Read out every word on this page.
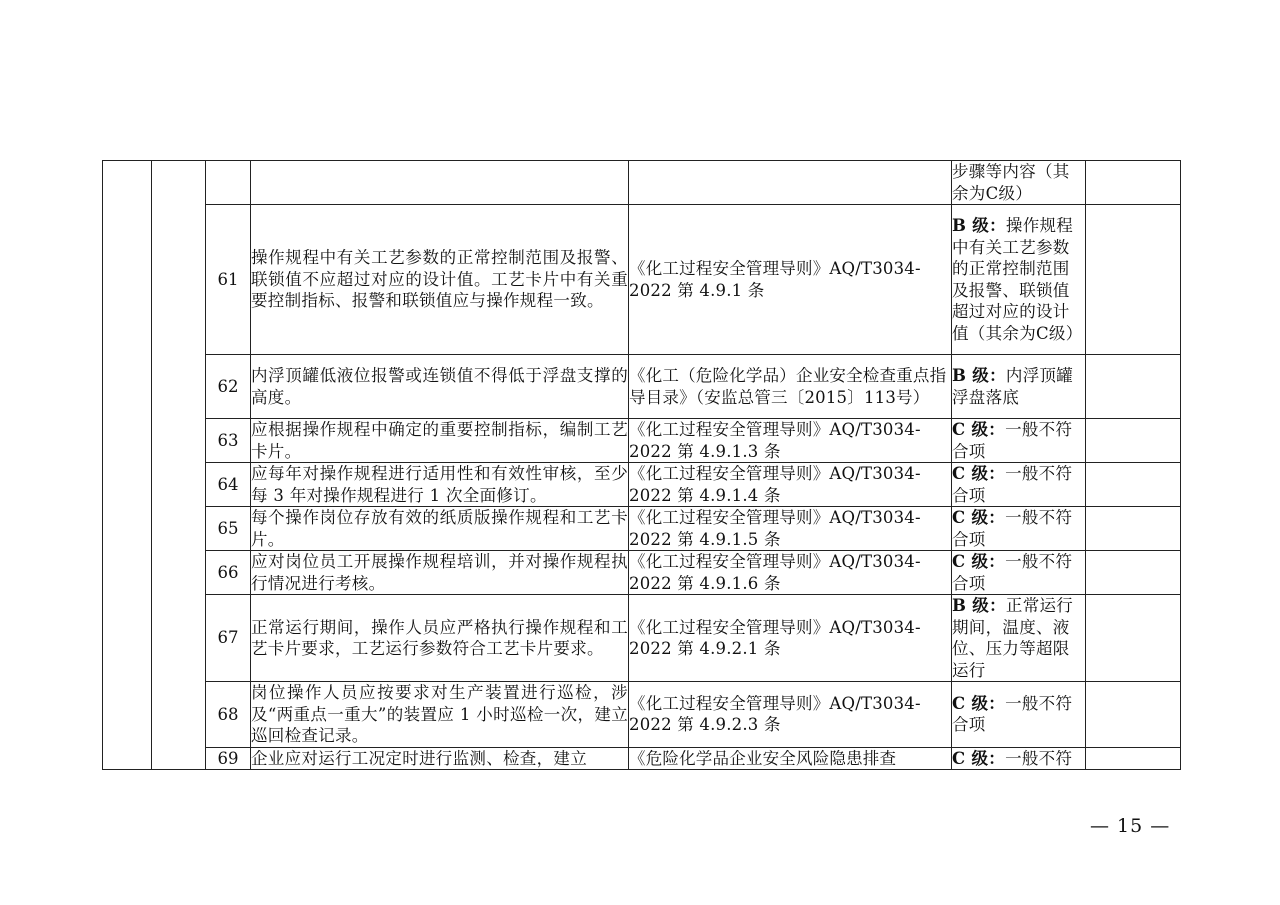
					步骤等内容（其余为C级）	
		61	操作规程中有关工艺参数的正常控制范围及报警、联锁值不应超过对应的设计值。工艺卡片中有关重要控制指标、报警和联锁值应与操作规程一致。	《化工过程安全管理导则》AQ/T3034-2022 第 4.9.1 条	B 级：操作规程中有关工艺参数的正常控制范围及报警、联锁值超过对应的设计值（其余为C级）	
		62	内浮顶罐低液位报警或连锁值不得低于浮盘支撑的高度。	《化工（危险化学品）企业安全检查重点指导目录》（安监总管三〔2015〕113号）	B 级：内浮顶罐浮盘落底	
		63	应根据操作规程中确定的重要控制指标，编制工艺卡片。	《化工过程安全管理导则》AQ/T3034-2022 第 4.9.1.3 条	C 级：一般不符合项	
		64	应每年对操作规程进行适用性和有效性审核，至少每 3 年对操作规程进行 1 次全面修订。	《化工过程安全管理导则》AQ/T3034-2022 第 4.9.1.4 条	C 级：一般不符合项	
		65	每个操作岗位存放有效的纸质版操作规程和工艺卡片。	《化工过程安全管理导则》AQ/T3034-2022 第 4.9.1.5 条	C 级：一般不符合项	
		66	应对岗位员工开展操作规程培训，并对操作规程执行情况进行考核。	《化工过程安全管理导则》AQ/T3034-2022 第 4.9.1.6 条	C 级：一般不符合项	
		67	正常运行期间，操作人员应严格执行操作规程和工艺卡片要求，工艺运行参数符合工艺卡片要求。	《化工过程安全管理导则》AQ/T3034-2022 第 4.9.2.1 条	B 级：正常运行期间，温度、液位、压力等超限运行	
		68	岗位操作人员应按要求对生产装置进行巡检，涉及“两重点一重大”的装置应 1 小时巡检一次，建立巡回检查记录。	《化工过程安全管理导则》AQ/T3034-2022 第 4.9.2.3 条	C 级：一般不符合项	
		69	企业应对运行工况定时进行监测、检查，建立	《危险化学品企业安全风险隐患排查	C 级：一般不符	
— 15 —
